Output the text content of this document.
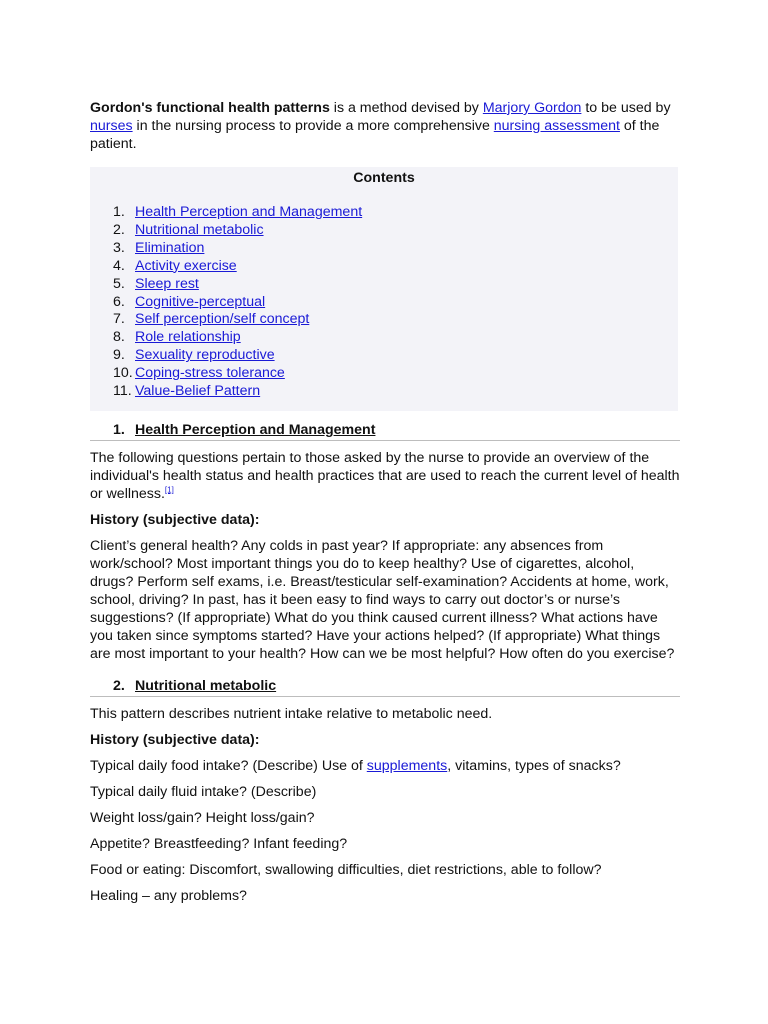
Gordon's functional health patterns is a method devised by Marjory Gordon to be used by nurses in the nursing process to provide a more comprehensive nursing assessment of the patient.

Contents
1. Health Perception and Management
2. Nutritional metabolic
3. Elimination
4. Activity exercise
5. Sleep rest
6. Cognitive-perceptual
7. Self perception/self concept
8. Role relationship
9. Sexuality reproductive
10. Coping-stress tolerance
11. Value-Belief Pattern
1. Health Perception and Management

The following questions pertain to those asked by the nurse to provide an overview of the individual's health status and health practices that are used to reach the current level of health or wellness.[1]

History (subjective data):

Client’s general health? Any colds in past year? If appropriate: any absences from work/school? Most important things you do to keep healthy? Use of cigarettes, alcohol, drugs? Perform self exams, i.e. Breast/testicular self-examination? Accidents at home, work, school, driving? In past, has it been easy to find ways to carry out doctor’s or nurse’s suggestions? (If appropriate) What do you think caused current illness? What actions have you taken since symptoms started? Have your actions helped? (If appropriate) What things are most important to your health? How can we be most helpful? How often do you exercise?

2. Nutritional metabolic

This pattern describes nutrient intake relative to metabolic need.

History (subjective data):
Typical daily food intake? (Describe) Use of supplements, vitamins, types of snacks?
Typical daily fluid intake? (Describe)
Weight loss/gain? Height loss/gain?
Appetite? Breastfeeding? Infant feeding?
Food or eating: Discomfort, swallowing difficulties, diet restrictions, able to follow?
Healing – any problems?
